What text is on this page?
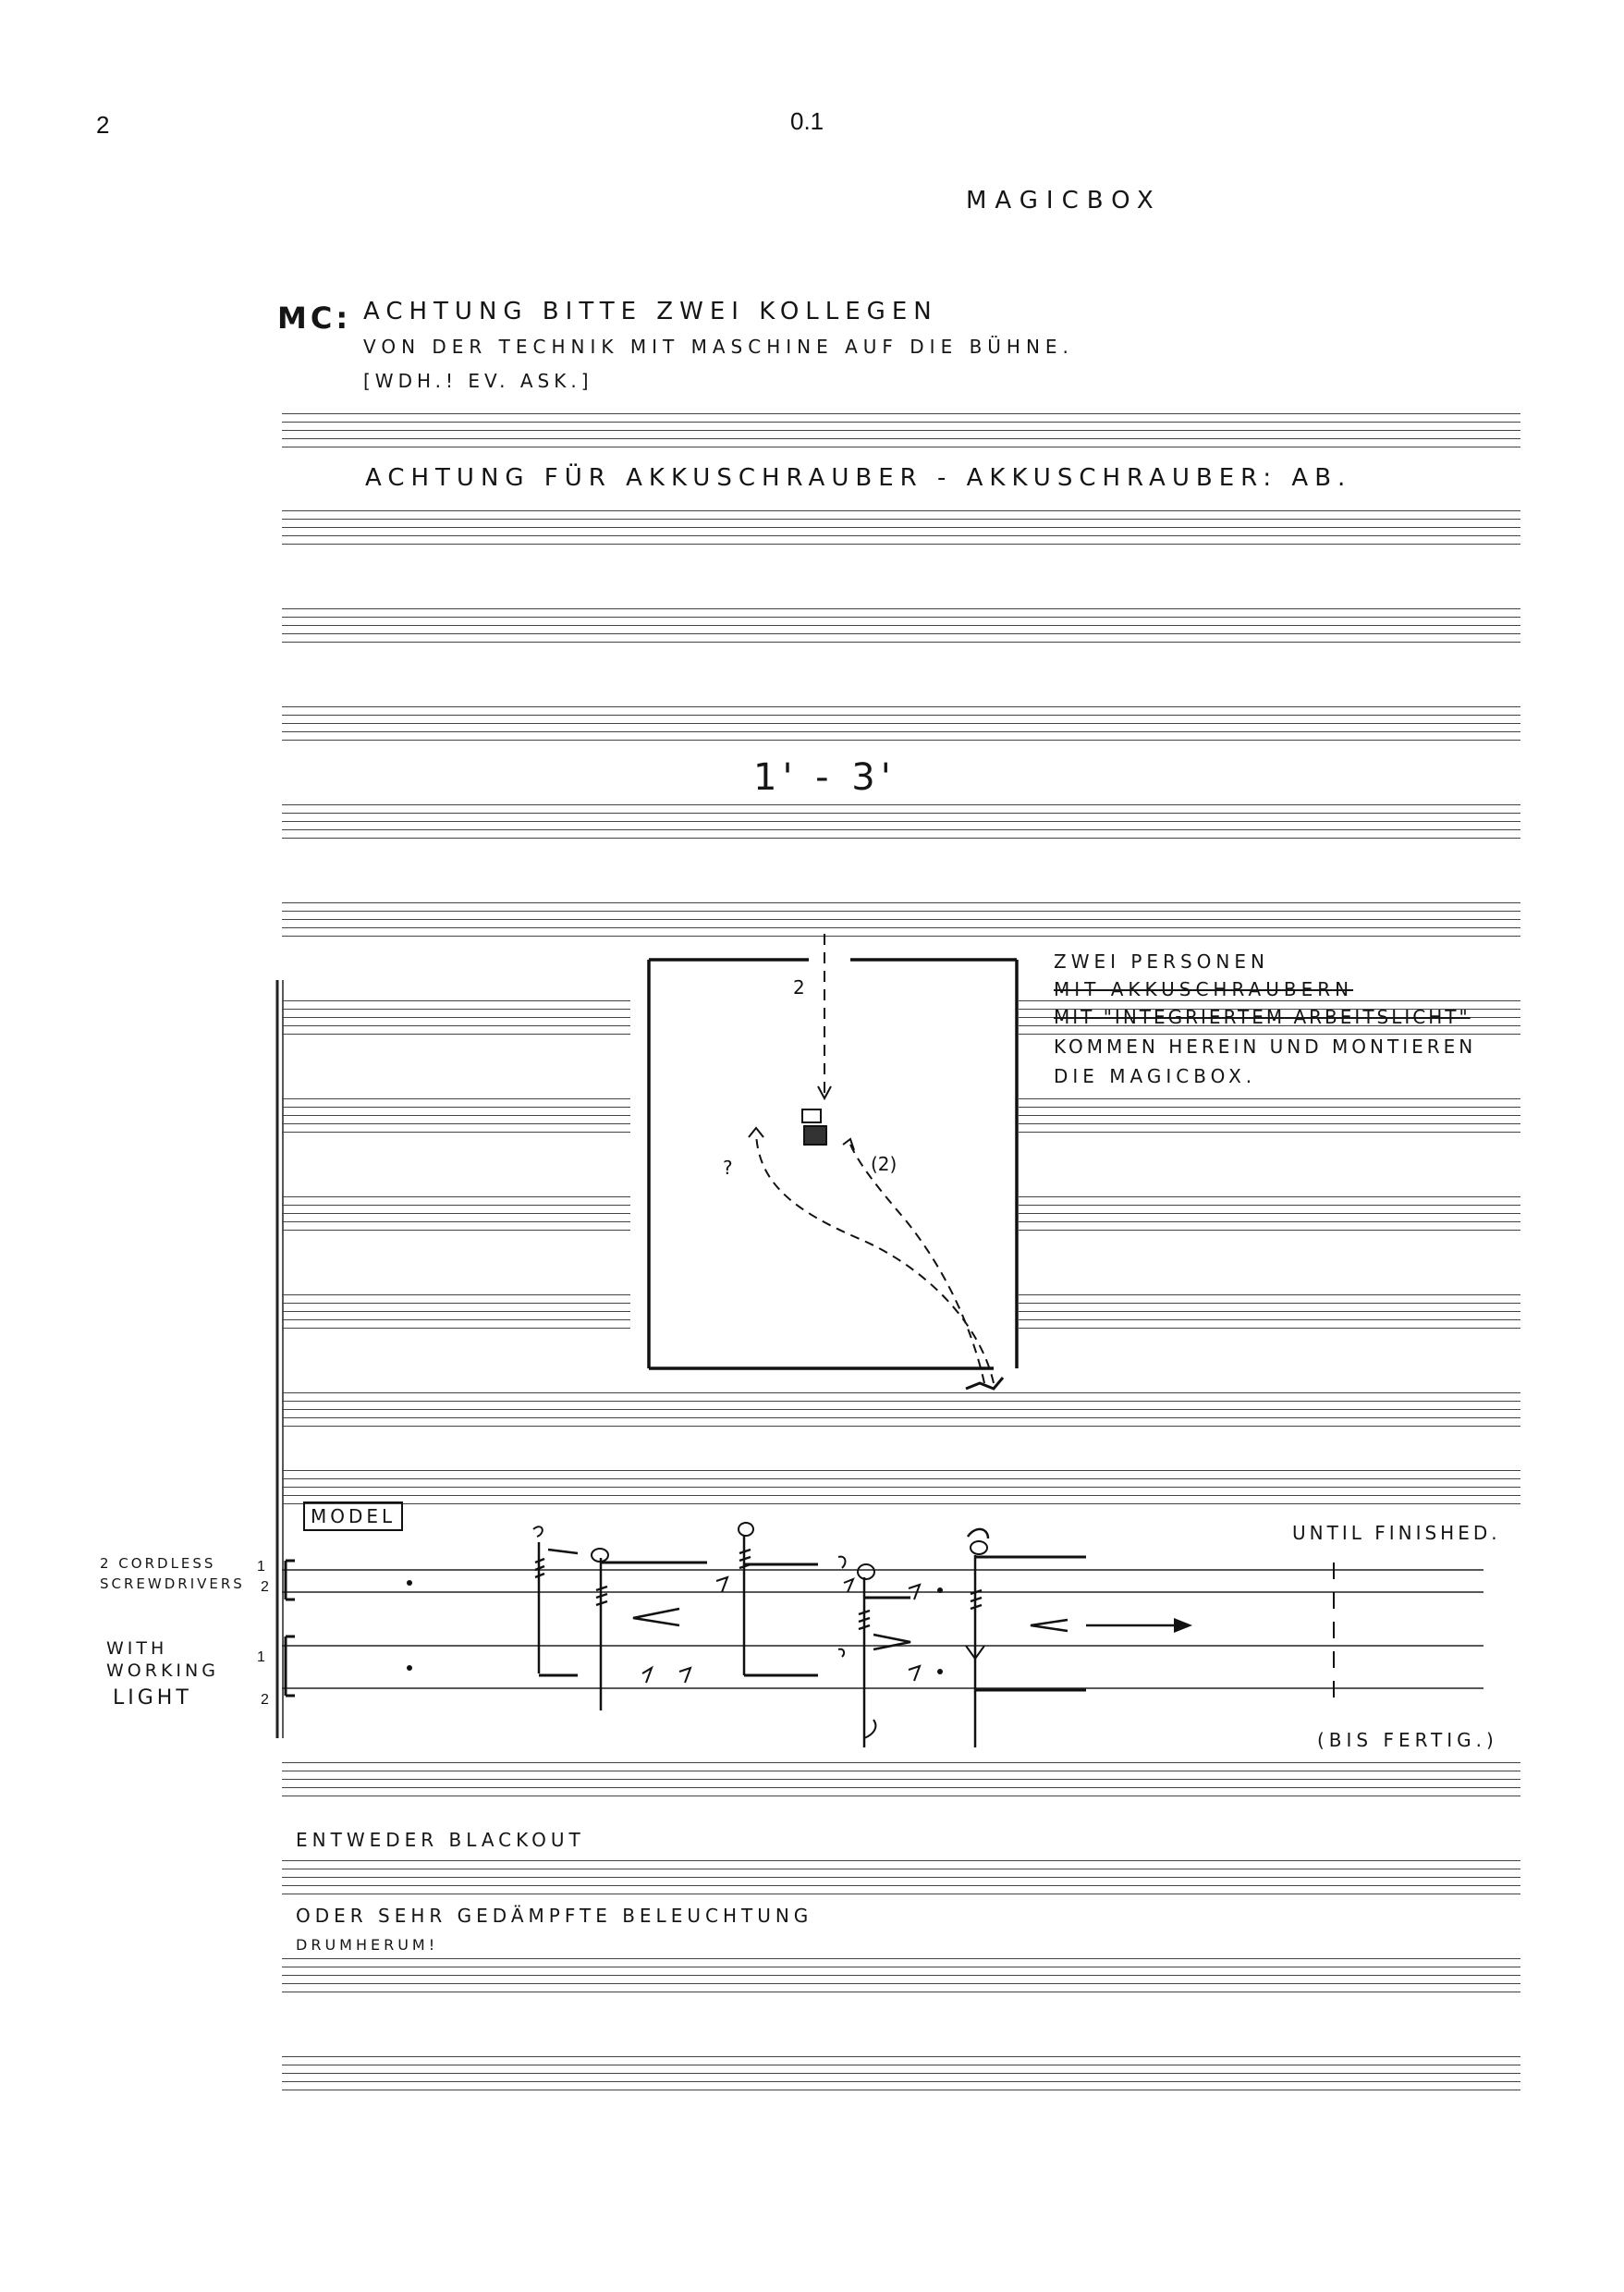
2	0.1
MAGICBOX
MC: ACHTUNG BITTE ZWEI KOLLEGEN
VON DER TECHNIK MIT MASCHINE AUF DIE BÜHNE.
[WDH.! EV. ASK.]
ACHTUNG FÜR AKKUSCHRAUBER - AKKUSCHRAUBER: AB.
1' - 3'
2
?	(2)
ZWEI PERSONEN
MIT AKKUSCHRAUBERN
MIT "INTEGRIERTEM ARBEITSLICHT"
KOMMEN HEREIN UND MONTIEREN
DIE MAGICBOX.
MODEL
UNTIL FINISHED.
2 CORDLESS
SCREWDRIVERS
WITH
WORKING
LIGHT
1
2
1
2
(BIS FERTIG.)
ENTWEDER BLACKOUT
ODER SEHR GEDÄMPFTE BELEUCHTUNG
DRUMHERUM!
